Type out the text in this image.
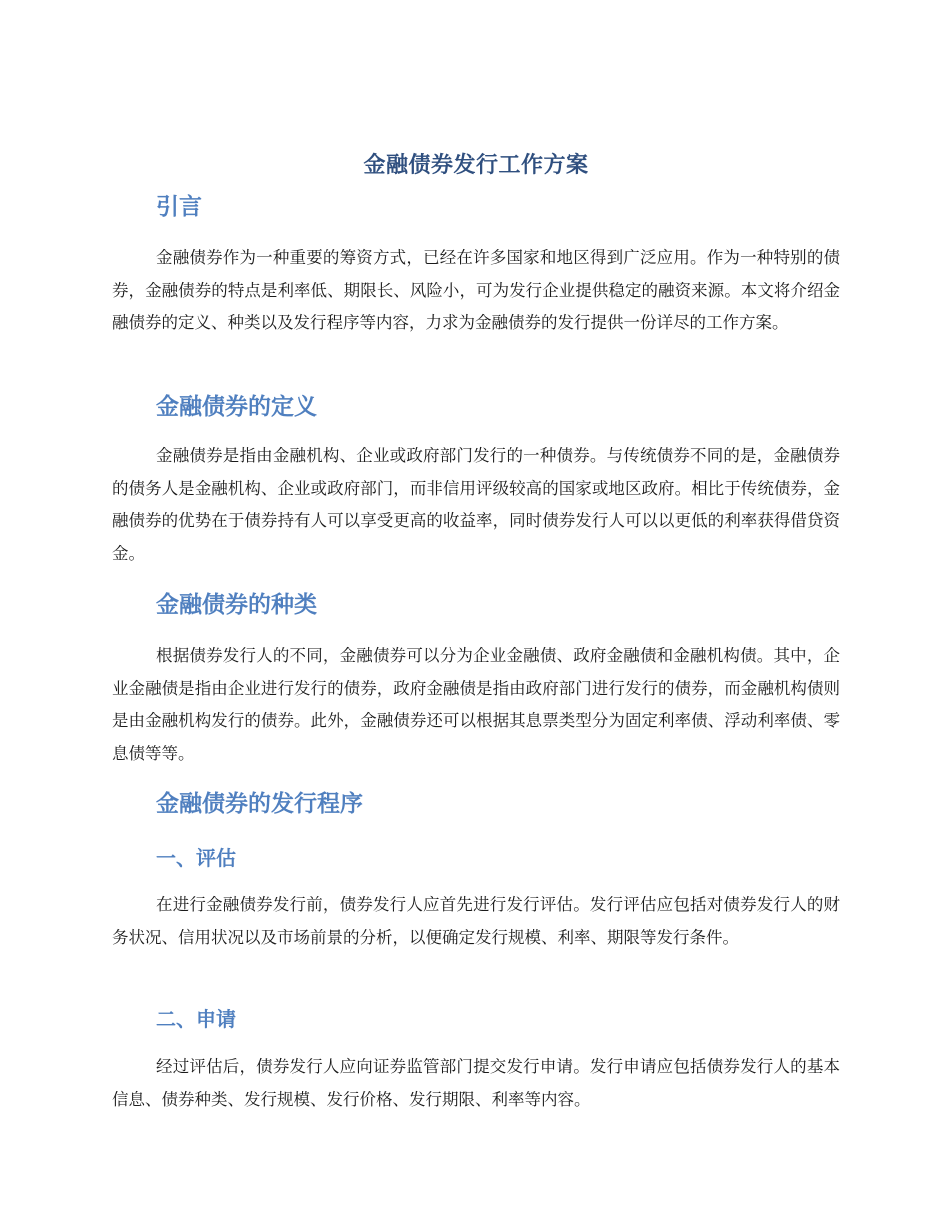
金融债券发行工作方案
引言

金融债券作为一种重要的筹资方式，已经在许多国家和地区得到广泛应用。作为一种特别的债券，金融债券的特点是利率低、期限长、风险小，可为发行企业提供稳定的融资来源。本文将介绍金融债券的定义、种类以及发行程序等内容，力求为金融债券的发行提供一份详尽的工作方案。

金融债券的定义

金融债券是指由金融机构、企业或政府部门发行的一种债券。与传统债券不同的是，金融债券的债务人是金融机构、企业或政府部门，而非信用评级较高的国家或地区政府。相比于传统债券，金融债券的优势在于债券持有人可以享受更高的收益率，同时债券发行人可以以更低的利率获得借贷资金。

金融债券的种类

根据债券发行人的不同，金融债券可以分为企业金融债、政府金融债和金融机构债。其中，企业金融债是指由企业进行发行的债券，政府金融债是指由政府部门进行发行的债券，而金融机构债则是由金融机构发行的债券。此外，金融债券还可以根据其息票类型分为固定利率债、浮动利率债、零息债等等。

金融债券的发行程序
一、评估

在进行金融债券发行前，债券发行人应首先进行发行评估。发行评估应包括对债券发行人的财务状况、信用状况以及市场前景的分析，以便确定发行规模、利率、期限等发行条件。

二、申请

经过评估后，债券发行人应向证券监管部门提交发行申请。发行申请应包括债券发行人的基本信息、债券种类、发行规模、发行价格、发行期限、利率等内容。
